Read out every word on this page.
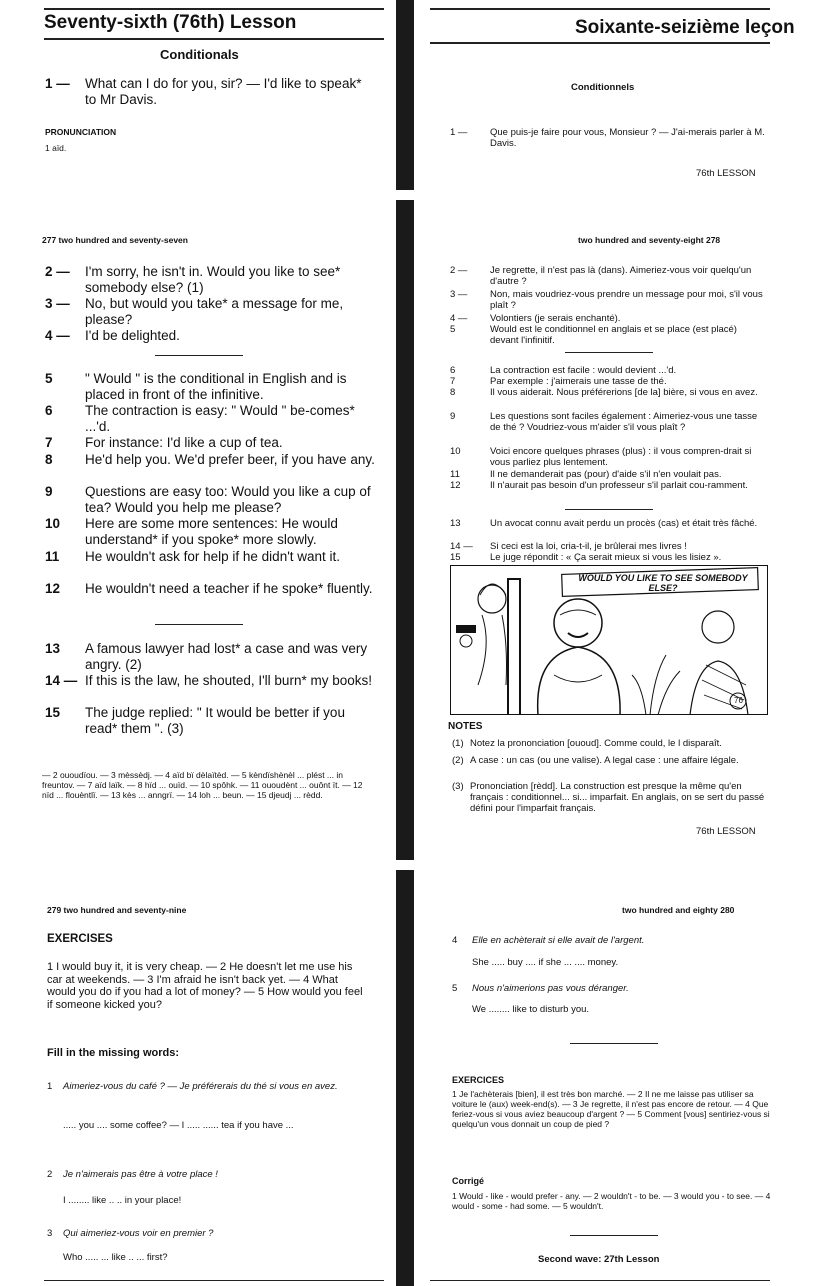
Seventy-sixth (76th) Lesson
Conditionals
1 — What can I do for you, sir? — I'd like to speak* to Mr Davis.
PRONUNCIATION
1 aïd.
Soixante-seizième leçon
Conditionnels
1 — Que puis-je faire pour vous, Monsieur ? — J'ai-merais parler à M. Davis.
76th LESSON
277 two hundred and seventy-seven
2 — I'm sorry, he isn't in. Would you like to see* somebody else? (1)
3 — No, but would you take* a message for me, please?
4 — I'd be delighted.
5 " Would " is the conditional in English and is placed in front of the infinitive.
6 The contraction is easy: " Would " be-comes* ...'d.
7 For instance: I'd like a cup of tea.
8 He'd help you. We'd prefer beer, if you have any.
9 Questions are easy too: Would you like a cup of tea? Would you help me please?
10 Here are some more sentences: He would understand* if you spoke* more slowly.
11 He wouldn't ask for help if he didn't want it.
12 He wouldn't need a teacher if he spoke* fluently.
13 A famous lawyer had lost* a case and was very angry. (2)
14 — If this is the law, he shouted, I'll burn* my books!
15 The judge replied: " It would be better if you read* them ". (3)
— 2 ououdïou. — 3 mèssèdj. — 4 aïd bï dèlaïtèd. — 5 kèndïshènèl ... plést ... in freuntov. — 7 aïd laïk. — 8 hïd ... ouïd. — 10 spôhk. — 11 ououdènt ... ouônt ït. — 12 nïd ... flouèntlï. — 13 kès ... anngrï. — 14 loh ... beun. — 15 djeudj ... rèdd.
two hundred and seventy-eight 278
2 — Je regrette, il n'est pas là (dans). Aimeriez-vous voir quelqu'un d'autre ?
3 — Non, mais voudriez-vous prendre un message pour moi, s'il vous plaît ?
4 — Volontiers (je serais enchanté).
5	Would est le conditionnel en anglais et se place (est placé) devant l'infinitif.
6	La contraction est facile : would devient ...'d.
7	Par exemple : j'aimerais une tasse de thé.
8	Il vous aiderait. Nous préférerions [de la] bière, si vous en avez.
9	Les questions sont faciles également : Aimeriez-vous une tasse de thé ? Voudriez-vous m'aider s'il vous plaît ?
10	Voici encore quelques phrases (plus) : il vous compren-drait si vous parliez plus lentement.
11	Il ne demanderait pas (pour) d'aide s'il n'en voulait pas.
12	Il n'aurait pas besoin d'un professeur s'il parlait cou-ramment.
13	Un avocat connu avait perdu un procès (cas) et était très fâché.
14 — Si ceci est la loi, cria-t-il, je brûlerai mes livres !
15	Le juge répondit : « Ça serait mieux si vous les lisiez ».
WOULD YOU LIKE TO SEE SOMEBODY ELSE?
76
NOTES
(1) Notez la prononciation [ououd]. Comme could, le l disparaît.
(2) A case : un cas (ou une valise). A legal case : une affaire légale.
(3) Prononciation [rèdd]. La construction est presque la même qu'en français : conditionnel... si... imparfait. En anglais, on se sert du passé défini pour l'imparfait français.
76th LESSON
279 two hundred and seventy-nine
EXERCISES
1 I would buy it, it is very cheap. — 2 He doesn't let me use his car at weekends. — 3 I'm afraid he isn't back yet. — 4 What would you do if you had a lot of money? — 5 How would you feel if someone kicked you?
Fill in the missing words:
1 Aimeriez-vous du café ? — Je préférerais du thé si vous en avez.
..... you .... some coffee? — I ..... ...... tea if you have ...
2 Je n'aimerais pas être à votre place !
I ........ like .. .. in your place!
3 Qui aimeriez-vous voir en premier ?
Who ..... ... like .. ... first?
two hundred and eighty 280
4 Elle en achèterait si elle avait de l'argent.
She ..... buy .... if she ... .... money.
5 Nous n'aimerions pas vous déranger.
We ........ like to disturb you.
EXERCICES
1 Je l'achèterais [bien], il est très bon marché. — 2 Il ne me laisse pas utiliser sa voiture le (aux) week-end(s). — 3 Je regrette, il n'est pas encore de retour. — 4 Que feriez-vous si vous aviez beaucoup d'argent ? — 5 Comment [vous] sentiriez-vous si quelqu'un vous donnait un coup de pied ?
Corrigé
1 Would - like - would prefer - any. — 2 wouldn't - to be. — 3 would you - to see. — 4 would - some - had some. — 5 wouldn't.
Second wave: 27th Lesson
